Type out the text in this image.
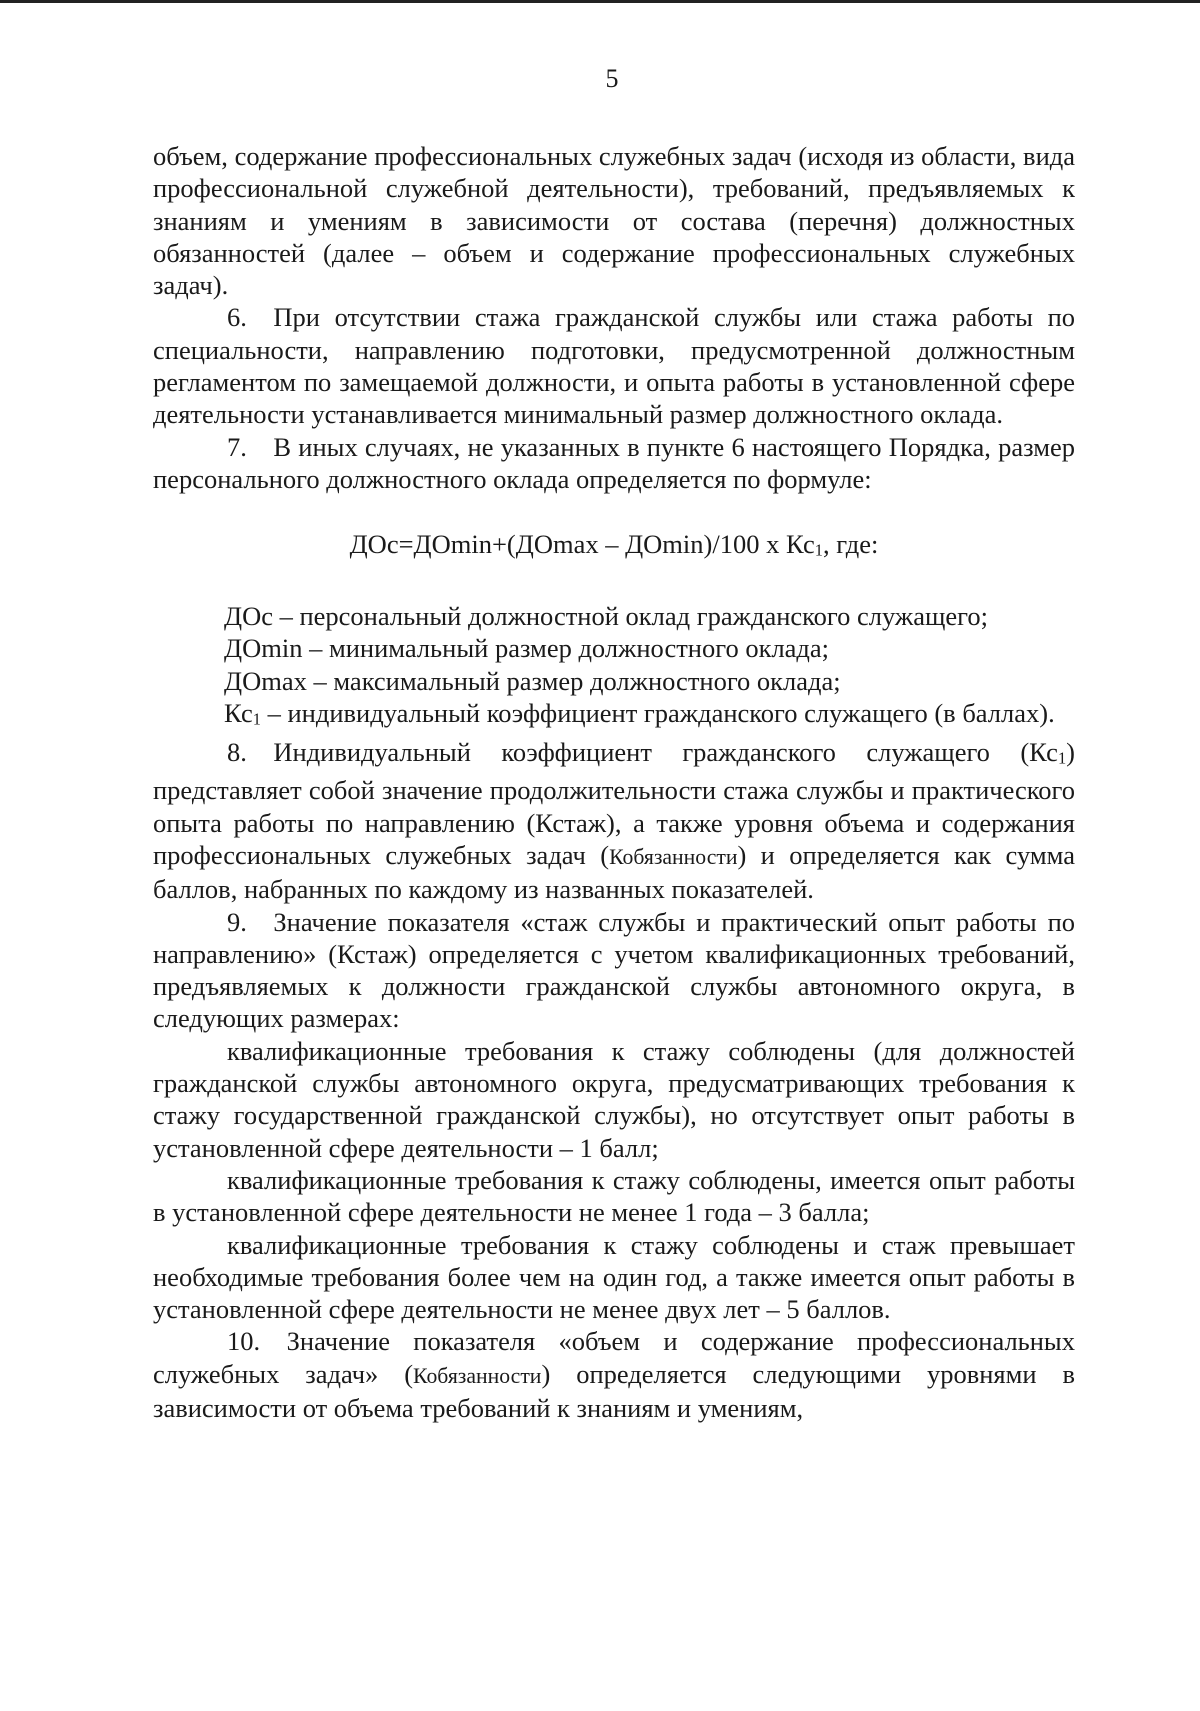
5

объем, содержание профессиональных служебных задач (исходя из области, вида профессиональной служебной деятельности), требований, предъявляемых к знаниям и умениям в зависимости от состава (перечня) должностных обязанностей (далее – объем и содержание профессиональных служебных задач).

6. При отсутствии стажа гражданской службы или стажа работы по специальности, направлению подготовки, предусмотренной должностным регламентом по замещаемой должности, и опыта работы в установленной сфере деятельности устанавливается минимальный размер должностного оклада.

7. В иных случаях, не указанных в пункте 6 настоящего Порядка, размер персонального должностного оклада определяется по формуле:

ДОс=ДОmin+(ДОmax – ДОmin)/100 х $Кс_1$, где:

ДОс – персональный должностной оклад гражданского служащего;

ДОmin – минимальный размер должностного оклада;

ДОmax – максимальный размер должностного оклада;

$Кс_1$ – индивидуальный коэффициент гражданского служащего (в баллах).

8. Индивидуальный коэффициент гражданского служащего $(Кс_1)$ представляет собой значение продолжительности стажа службы и практического опыта работы по направлению (Кстаж), а также уровня объема и содержания профессиональных служебных задач (Кобязанности) и определяется как сумма баллов, набранных по каждому из названных показателей.

9. Значение показателя «стаж службы и практический опыт работы по направлению» (Кстаж) определяется с учетом квалификационных требований, предъявляемых к должности гражданской службы автономного округа, в следующих размерах:

квалификационные требования к стажу соблюдены (для должностей гражданской службы автономного округа, предусматривающих требования к стажу государственной гражданской службы), но отсутствует опыт работы в установленной сфере деятельности – 1 балл;

квалификационные требования к стажу соблюдены, имеется опыт работы в установленной сфере деятельности не менее 1 года – 3 балла;

квалификационные требования к стажу соблюдены и стаж превышает необходимые требования более чем на один год, а также имеется опыт работы в установленной сфере деятельности не менее двух лет – 5 баллов.

10. Значение показателя «объем и содержание профессиональных служебных задач» (Кобязанности) определяется следующими уровнями в зависимости от объема требований к знаниям и умениям,
